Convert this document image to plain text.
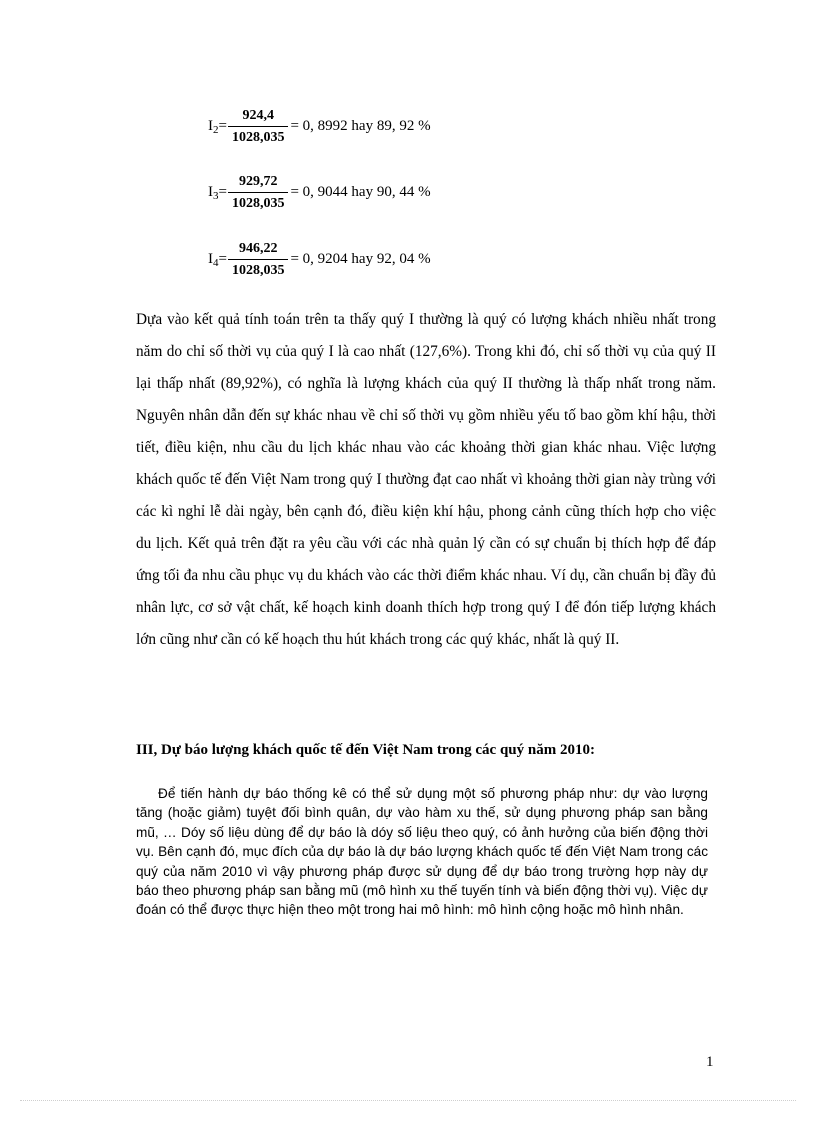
$I_2 = \frac{924,4}{1028,035} = 0$, 8992 hay 89, 92 %
$I_3 = \frac{929,72}{1028,035} = 0$, 9044 hay 90, 44 %
$I_4 = \frac{946,22}{1028,035} = 0$, 9204 hay 92, 04 %

Dựa vào kết quả tính toán trên ta thấy quý I thường là quý có lượng khách nhiều nhất trong năm do chỉ số thời vụ của quý I là cao nhất (127,6%). Trong khi đó, chỉ số thời vụ của quý II lại thấp nhất (89,92%), có nghĩa là lượng khách của quý II thường là thấp nhất trong năm. Nguyên nhân dẫn đến sự khác nhau về chỉ số thời vụ gồm nhiều yếu tố bao gồm khí hậu, thời tiết, điều kiện, nhu cầu du lịch khác nhau vào các khoảng thời gian khác nhau. Việc lượng khách quốc tế đến Việt Nam trong quý I thường đạt cao nhất vì khoảng thời gian này trùng với các kì nghỉ lễ dài ngày, bên cạnh đó, điều kiện khí hậu, phong cảnh cũng thích hợp cho việc du lịch. Kết quả trên đặt ra yêu cầu với các nhà quản lý cần có sự chuẩn bị thích hợp để đáp ứng tối đa nhu cầu phục vụ du khách vào các thời điểm khác nhau. Ví dụ, cần chuẩn bị đầy đủ nhân lực, cơ sở vật chất, kế hoạch kinh doanh thích hợp trong quý I để đón tiếp lượng khách lớn cũng như cần có kế hoạch thu hút khách trong các quý khác, nhất là quý II.

III, Dự báo lượng khách quốc tế đến Việt Nam trong các quý năm 2010:

Để tiến hành dự báo thống kê có thể sử dụng một số phương pháp như: dự vào lượng tăng (hoặc giảm) tuyệt đối bình quân, dự vào hàm xu thế, sử dụng phương pháp san bằng mũ, … Dóy số liệu dùng để dự báo là dóy số liệu theo quý, có ảnh hưởng của biến động thời vụ. Bên cạnh đó, mục đích của dự báo là dự báo lượng khách quốc tế đến Việt Nam trong các quý của năm 2010 vì vậy phương pháp được sử dụng để dự báo trong trường hợp này dự báo theo phương pháp san bằng mũ (mô hình xu thế tuyến tính và biến động thời vụ). Việc dự đoán có thể được thực hiện theo một trong hai mô hình: mô hình cộng hoặc mô hình nhân.

1
